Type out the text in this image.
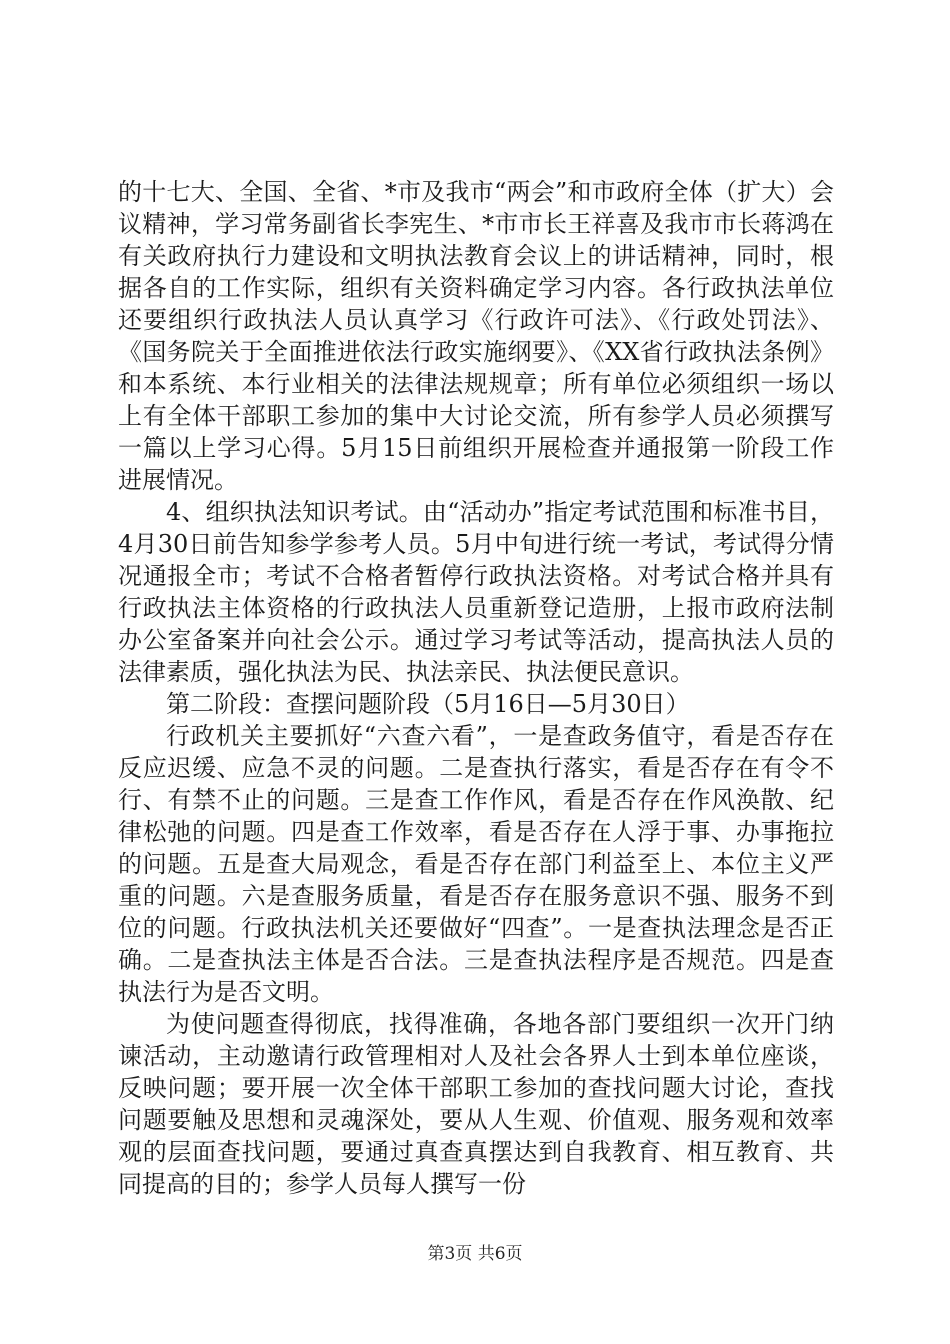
的十七大、全国、全省、*市及我市“两会”和市政府全体（扩大）会议精神，学习常务副省长李宪生、*市市长王祥喜及我市市长蒋鸿在有关政府执行力建设和文明执法教育会议上的讲话精神，同时，根据各自的工作实际，组织有关资料确定学习内容。各行政执法单位还要组织行政执法人员认真学习《行政许可法》、《行政处罚法》、《国务院关于全面推进依法行政实施纲要》、《XX省行政执法条例》和本系统、本行业相关的法律法规规章；所有单位必须组织一场以上有全体干部职工参加的集中大讨论交流，所有参学人员必须撰写一篇以上学习心得。5月15日前组织开展检查并通报第一阶段工作进展情况。

4、组织执法知识考试。由“活动办”指定考试范围和标准书目，4月30日前告知参学参考人员。5月中旬进行统一考试，考试得分情况通报全市；考试不合格者暂停行政执法资格。对考试合格并具有行政执法主体资格的行政执法人员重新登记造册，上报市政府法制办公室备案并向社会公示。通过学习考试等活动，提高执法人员的法律素质，强化执法为民、执法亲民、执法便民意识。

第二阶段：查摆问题阶段（5月16日—5月30日）

行政机关主要抓好“六查六看”，一是查政务值守，看是否存在反应迟缓、应急不灵的问题。二是查执行落实，看是否存在有令不行、有禁不止的问题。三是查工作作风，看是否存在作风涣散、纪律松弛的问题。四是查工作效率，看是否存在人浮于事、办事拖拉的问题。五是查大局观念，看是否存在部门利益至上、本位主义严重的问题。六是查服务质量，看是否存在服务意识不强、服务不到位的问题。行政执法机关还要做好“四查”。一是查执法理念是否正确。二是查执法主体是否合法。三是查执法程序是否规范。四是查执法行为是否文明。

为使问题查得彻底，找得准确，各地各部门要组织一次开门纳谏活动，主动邀请行政管理相对人及社会各界人士到本单位座谈，反映问题；要开展一次全体干部职工参加的查找问题大讨论，查找问题要触及思想和灵魂深处，要从人生观、价值观、服务观和效率观的层面查找问题，要通过真查真摆达到自我教育、相互教育、共同提高的目的；参学人员每人撰写一份

第3页 共6页
